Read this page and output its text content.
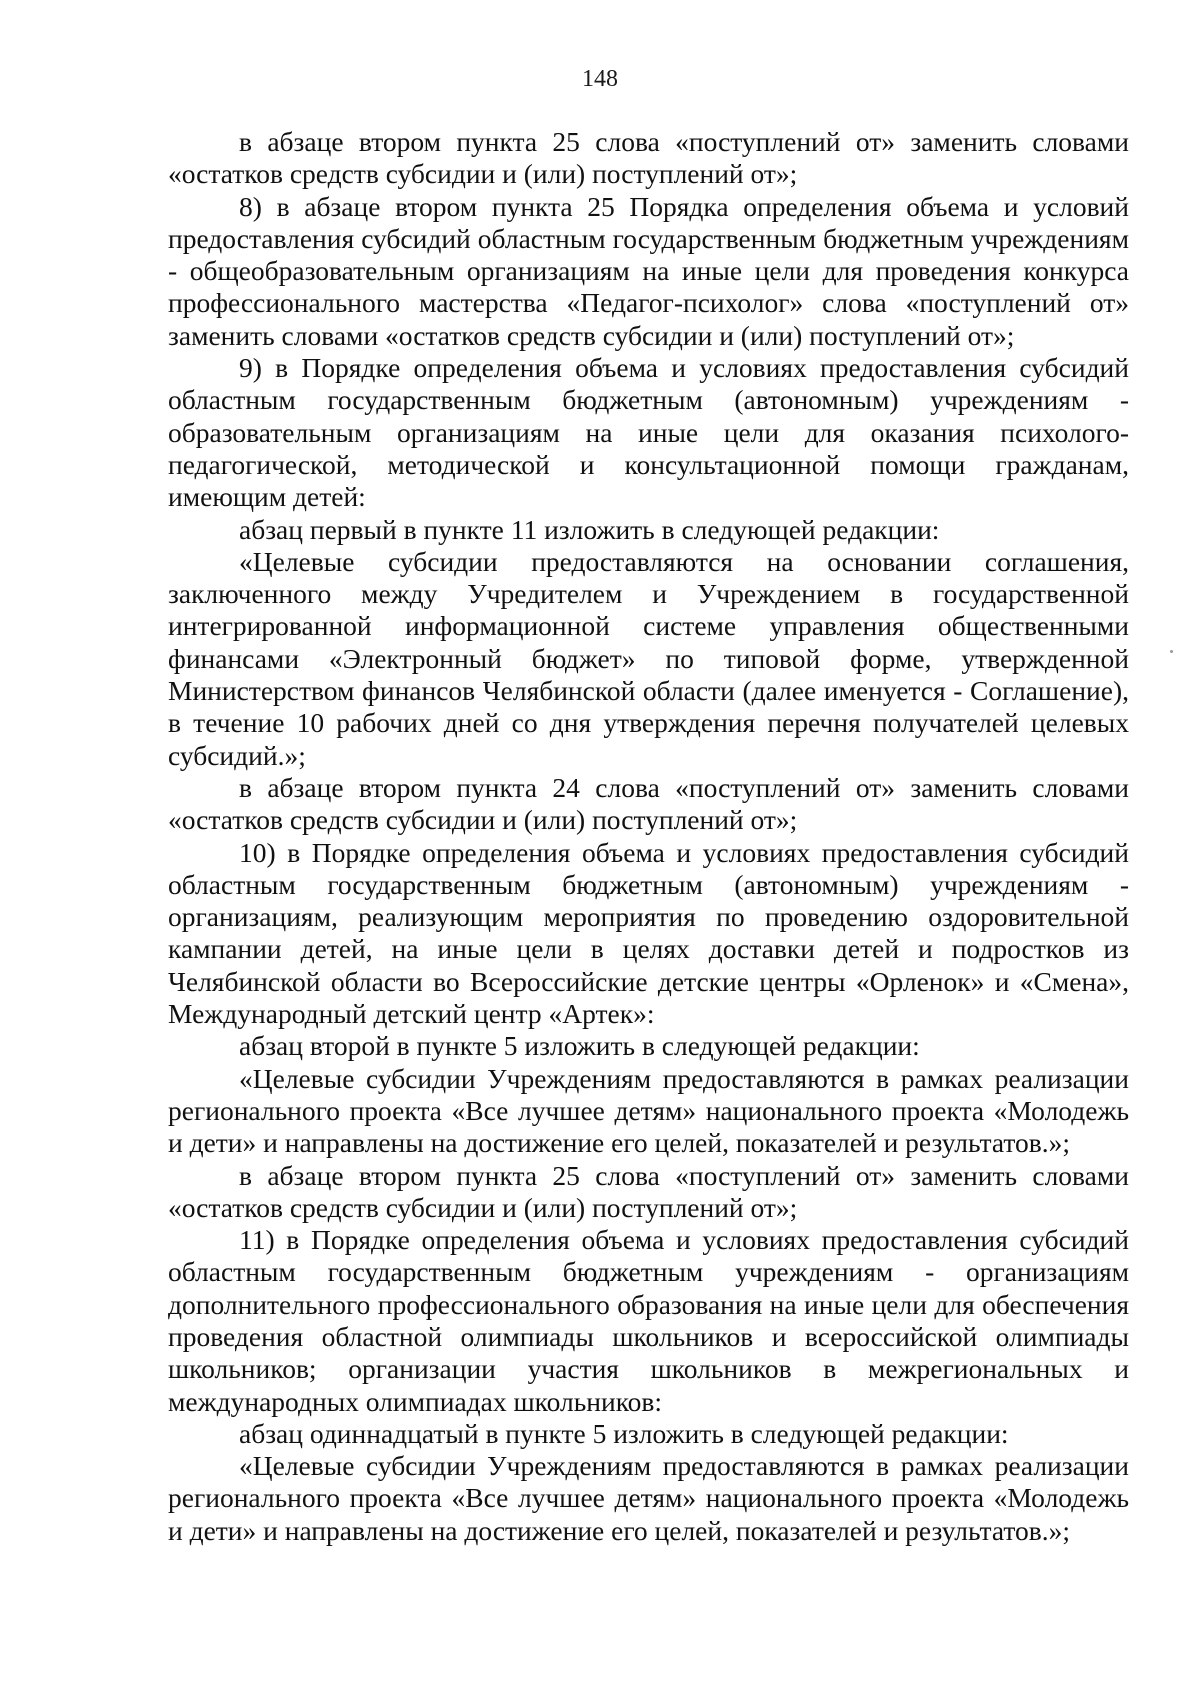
148

в абзаце втором пункта 25 слова «поступлений от» заменить словами «остатков средств субсидии и (или) поступлений от»;

8) в абзаце втором пункта 25 Порядка определения объема и условий предоставления субсидий областным государственным бюджетным учреждениям - общеобразовательным организациям на иные цели для проведения конкурса профессионального мастерства «Педагог-психолог» слова «поступлений от» заменить словами «остатков средств субсидии и (или) поступлений от»;

9) в Порядке определения объема и условиях предоставления субсидий областным государственным бюджетным (автономным) учреждениям - образовательным организациям на иные цели для оказания психолого-педагогической, методической и консультационной помощи гражданам, имеющим детей:

абзац первый в пункте 11 изложить в следующей редакции:

«Целевые субсидии предоставляются на основании соглашения, заключенного между Учредителем и Учреждением в государственной интегрированной информационной системе управления общественными финансами «Электронный бюджет» по типовой форме, утвержденной Министерством финансов Челябинской области (далее именуется - Соглашение), в течение 10 рабочих дней со дня утверждения перечня получателей целевых субсидий.»;

в абзаце втором пункта 24 слова «поступлений от» заменить словами «остатков средств субсидии и (или) поступлений от»;

10) в Порядке определения объема и условиях предоставления субсидий областным государственным бюджетным (автономным) учреждениям - организациям, реализующим мероприятия по проведению оздоровительной кампании детей, на иные цели в целях доставки детей и подростков из Челябинской области во Всероссийские детские центры «Орленок» и «Смена», Международный детский центр «Артек»:

абзац второй в пункте 5 изложить в следующей редакции:

«Целевые субсидии Учреждениям предоставляются в рамках реализации регионального проекта «Все лучшее детям» национального проекта «Молодежь и дети» и направлены на достижение его целей, показателей и результатов.»;

в абзаце втором пункта 25 слова «поступлений от» заменить словами «остатков средств субсидии и (или) поступлений от»;

11) в Порядке определения объема и условиях предоставления субсидий областным государственным бюджетным учреждениям - организациям дополнительного профессионального образования на иные цели для обеспечения проведения областной олимпиады школьников и всероссийской олимпиады школьников; организации участия школьников в межрегиональных и международных олимпиадах школьников:

абзац одиннадцатый в пункте 5 изложить в следующей редакции:

«Целевые субсидии Учреждениям предоставляются в рамках реализации регионального проекта «Все лучшее детям» национального проекта «Молодежь и дети» и направлены на достижение его целей, показателей и результатов.»;
